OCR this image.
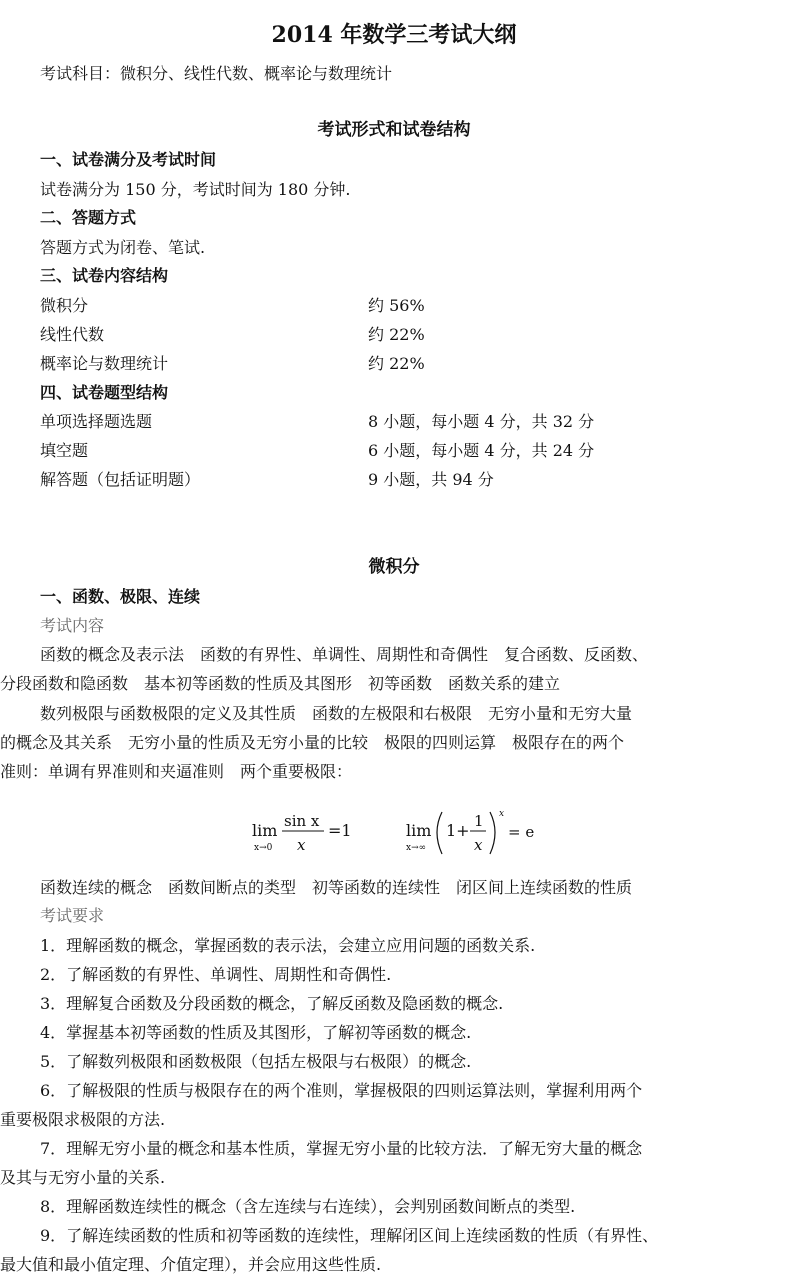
2014 年数学三考试大纲
考试科目：微积分、线性代数、概率论与数理统计
考试形式和试卷结构
一、试卷满分及考试时间
试卷满分为 150 分，考试时间为 180 分钟.
二、答题方式
答题方式为闭卷、笔试.
三、试卷内容结构
微积分	约 56%
线性代数	约 22%
概率论与数理统计	约 22%
四、试卷题型结构
单项选择题选题	8 小题，每小题 4 分，共 32 分
填空题	6 小题，每小题 4 分，共 24 分
解答题（包括证明题）	9 小题，共 94 分
微积分
一、函数、极限、连续
考试内容
函数的概念及表示法　函数的有界性、单调性、周期性和奇偶性　复合函数、反函数、
分段函数和隐函数　基本初等函数的性质及其图形　初等函数　函数关系的建立
数列极限与函数极限的定义及其性质　函数的左极限和右极限　无穷小量和无穷大量
的概念及其关系　无穷小量的性质及无穷小量的比较　极限的四则运算　极限存在的两个
准则：单调有界准则和夹逼准则　两个重要极限：
lim
x→0
sin x
x
=1	lim
x→∞
1+ 1
x
x
= e
函数连续的概念　函数间断点的类型　初等函数的连续性　闭区间上连续函数的性质
考试要求
1．理解函数的概念，掌握函数的表示法，会建立应用问题的函数关系.
2．了解函数的有界性、单调性、周期性和奇偶性.
3．理解复合函数及分段函数的概念，了解反函数及隐函数的概念.
4．掌握基本初等函数的性质及其图形，了解初等函数的概念.
5．了解数列极限和函数极限（包括左极限与右极限）的概念.
6．了解极限的性质与极限存在的两个准则，掌握极限的四则运算法则，掌握利用两个
重要极限求极限的方法.
7．理解无穷小量的概念和基本性质，掌握无穷小量的比较方法．了解无穷大量的概念
及其与无穷小量的关系.
8．理解函数连续性的概念（含左连续与右连续），会判别函数间断点的类型.
9．了解连续函数的性质和初等函数的连续性，理解闭区间上连续函数的性质（有界性、
最大值和最小值定理、介值定理），并会应用这些性质.
